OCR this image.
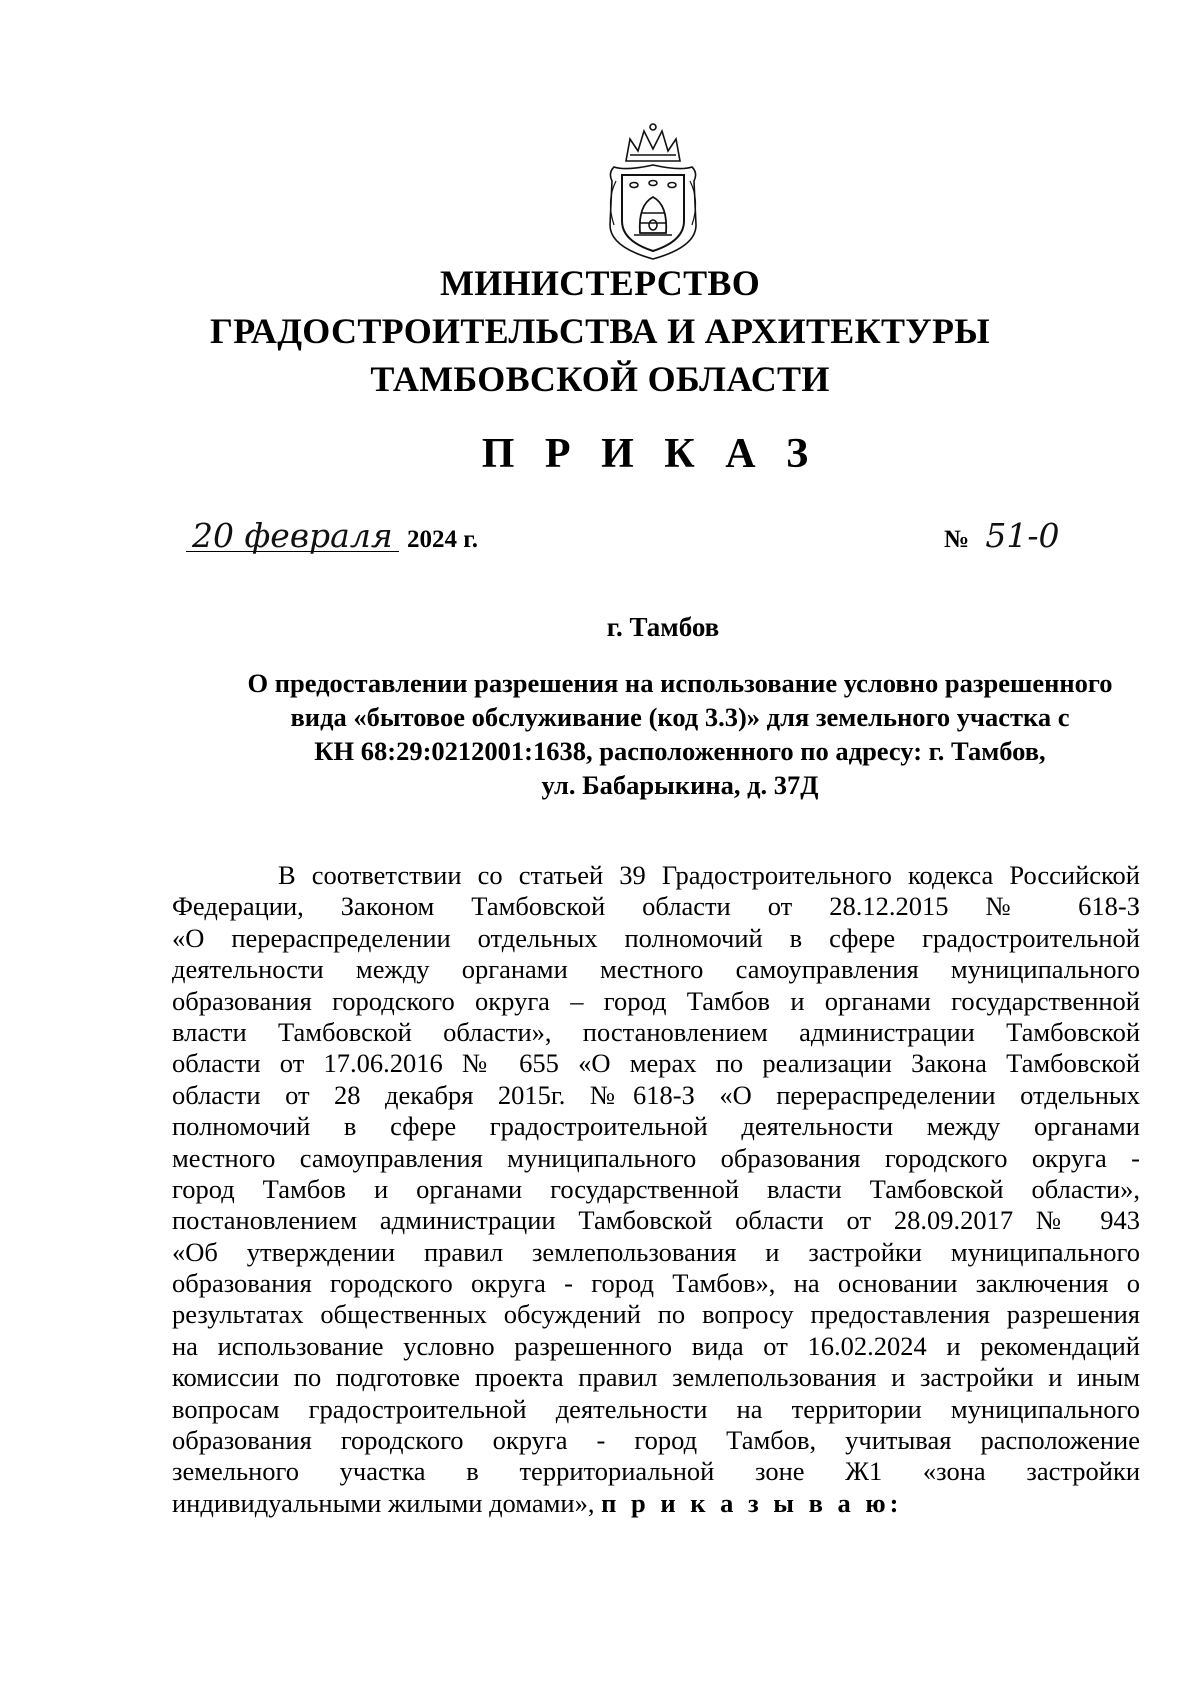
МИНИСТЕРСТВО
ГРАДОСТРОИТЕЛЬСТВА И АРХИТЕКТУРЫ
ТАМБОВСКОЙ ОБЛАСТИ
П Р И К А З
20 февраля 2024 г.	№ 51-0
г. Тамбов
О предоставлении разрешения на использование условно разрешенного
вида «бытовое обслуживание (код 3.3)» для земельного участка с
КН 68:29:0212001:1638, расположенного по адресу: г. Тамбов,
ул. Бабарыкина, д. 37Д
В соответствии со статьей 39 Градостроительного кодекса Российской
Федерации, Законом Тамбовской области от 28.12.2015 № 618-З
«О перераспределении отдельных полномочий в сфере градостроительной
деятельности между органами местного самоуправления муниципального
образования городского округа – город Тамбов и органами государственной
власти Тамбовской области», постановлением администрации Тамбовской
области от 17.06.2016 № 655 «О мерах по реализации Закона Тамбовской
области от 28 декабря 2015г. №618-З «О перераспределении отдельных
полномочий в сфере градостроительной деятельности между органами
местного самоуправления муниципального образования городского округа -
город Тамбов и органами государственной власти Тамбовской области»,
постановлением администрации Тамбовской области от 28.09.2017 № 943
«Об утверждении правил землепользования и застройки муниципального
образования городского округа - город Тамбов», на основании заключения о
результатах общественных обсуждений по вопросу предоставления разрешения
на использование условно разрешенного вида от 16.02.2024 и рекомендаций
комиссии по подготовке проекта правил землепользования и застройки и иным
вопросам градостроительной деятельности на территории муниципального
образования городского округа - город Тамбов, учитывая расположение
земельного участка в территориальной зоне Ж1 «зона застройки
индивидуальными жилыми домами», п р и к а з ы в а ю:
